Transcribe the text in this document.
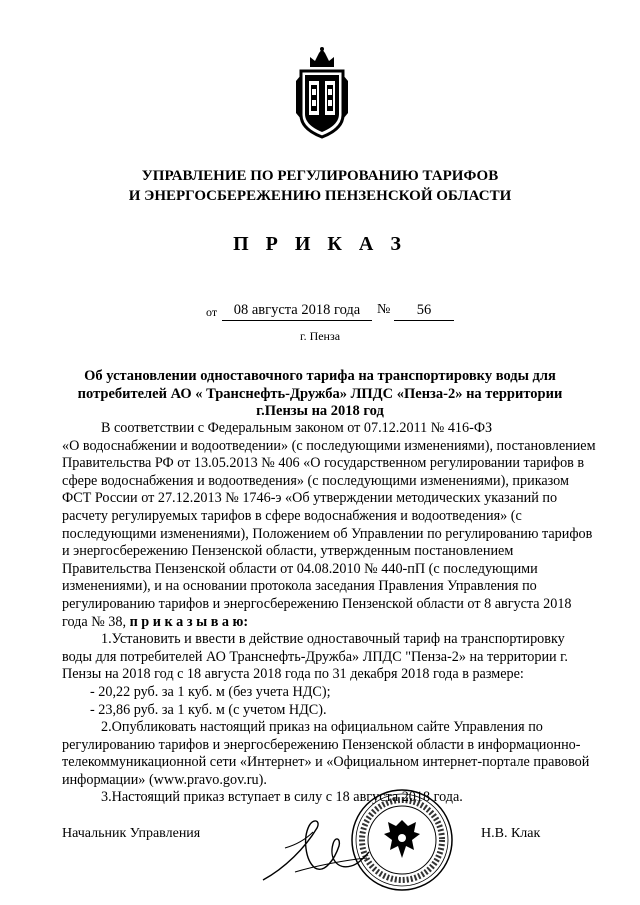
УПРАВЛЕНИЕ ПО РЕГУЛИРОВАНИЮ ТАРИФОВ
И ЭНЕРГОСБЕРЕЖЕНИЮ ПЕНЗЕНСКОЙ ОБЛАСТИ
П Р И К А З
от	08 августа 2018 года	№	56
г. Пенза
Об установлении одноставочного тарифа на транспортировку воды для
потребителей АО « Транснефть-Дружба» ЛПДС «Пенза-2» на территории
г.Пензы на 2018 год
В соответствии с Федеральным законом от 07.12.2011 № 416-ФЗ
«О водоснабжении и водоотведении» (с последующими изменениями), постановлением
Правительства РФ от 13.05.2013 № 406 «О государственном регулировании тарифов в
сфере водоснабжения и водоотведения» (с последующими изменениями), приказом
ФСТ России от 27.12.2013 № 1746-э «Об утверждении методических указаний по
расчету регулируемых тарифов в сфере водоснабжения и водоотведения» (с
последующими изменениями), Положением об Управлении по регулированию тарифов
и энергосбережению Пензенской области, утвержденным постановлением
Правительства Пензенской области от 04.08.2010 № 440-пП (с последующими
изменениями), и на основании протокола заседания Правления Управления по
регулированию тарифов и энергосбережению Пензенской области от 8 августа 2018
года № 38, п р и к а з ы в а ю:
1.Установить и ввести в действие одноставочный тариф на транспортировку
воды для потребителей АО Транснефть-Дружба» ЛПДС "Пенза-2» на территории г.
Пензы на 2018 год с 18 августа 2018 года по 31 декабря 2018 года в размере:
- 20,22 руб. за 1 куб. м (без учета НДС);
- 23,86 руб. за 1 куб. м (с учетом НДС).
2.Опубликовать настоящий приказ на официальном сайте Управления по
регулированию тарифов и энергосбережению Пензенской области в информационно-
телекоммуникационной сети «Интернет» и «Официальном интернет-портале правовой
информации» (www.pravo.gov.ru).
3.Настоящий приказ вступает в силу с 18 августа 2018 года.
Начальник Управления	Н.В. Клак
